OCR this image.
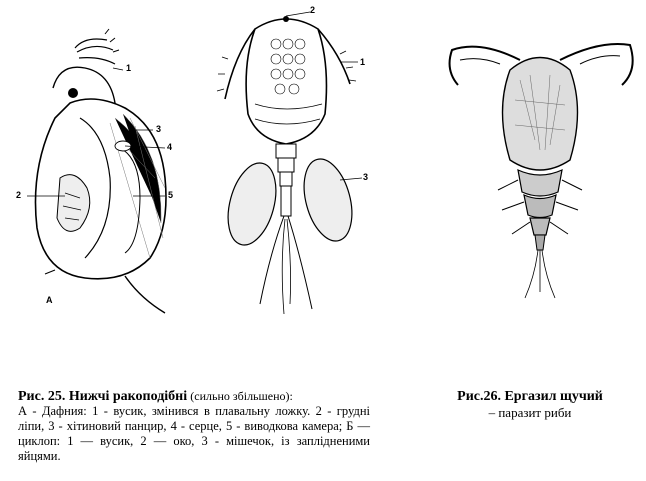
1
3
4
2	5
A
2
1
3
Рис. 25. Нижчі ракоподібні (сильно збільшено):
А - Дафния: 1 - вусик, змінився в плавальну ложку. 2 - грудні ліпи, 3 - хітиновий панцир, 4 - серце, 5 - виводкова камера; Б — циклоп: 1 — вусик, 2 — око, 3 - мішечок, із заплідненими яйцями.
Рис.26. Ергазил щучий
– паразит риби
